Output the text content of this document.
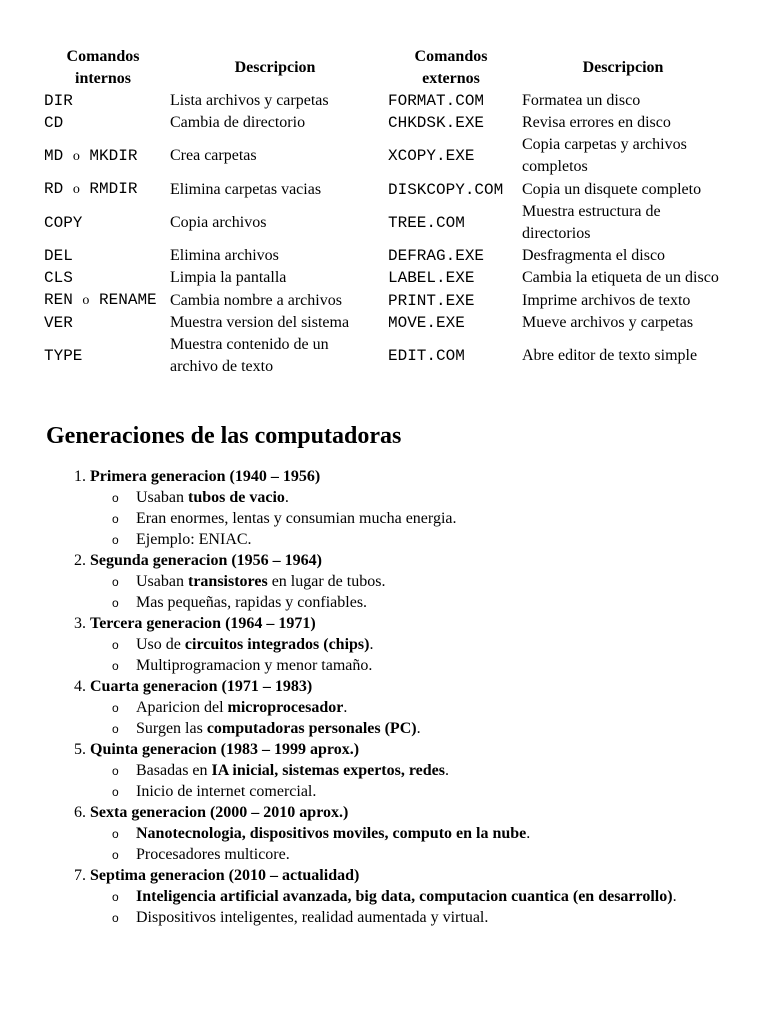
Comandos internos	Descripcion	Comandos externos	Descripcion
DIR	Lista archivos y carpetas	FORMAT.COM	Formatea un disco
CD	Cambia de directorio	CHKDSK.EXE	Revisa errores en disco
MD o MKDIR	Crea carpetas	XCOPY.EXE	Copia carpetas y archivos completos
RD o RMDIR	Elimina carpetas vacias	DISKCOPY.COM	Copia un disquete completo
COPY	Copia archivos	TREE.COM	Muestra estructura de directorios
DEL	Elimina archivos	DEFRAG.EXE	Desfragmenta el disco
CLS	Limpia la pantalla	LABEL.EXE	Cambia la etiqueta de un disco
REN o RENAME	Cambia nombre a archivos	PRINT.EXE	Imprime archivos de texto
VER	Muestra version del sistema	MOVE.EXE	Mueve archivos y carpetas
TYPE	Muestra contenido de un archivo de texto	EDIT.COM	Abre editor de texto simple
Generaciones de las computadoras
1. Primera generacion (1940 – 1956)
o Usaban tubos de vacio.
o Eran enormes, lentas y consumian mucha energia.
o Ejemplo: ENIAC.
2. Segunda generacion (1956 – 1964)
o Usaban transistores en lugar de tubos.
o Mas pequeñas, rapidas y confiables.
3. Tercera generacion (1964 – 1971)
o Uso de circuitos integrados (chips).
o Multiprogramacion y menor tamaño.
4. Cuarta generacion (1971 – 1983)
o Aparicion del microprocesador.
o Surgen las computadoras personales (PC).
5. Quinta generacion (1983 – 1999 aprox.)
o Basadas en IA inicial, sistemas expertos, redes.
o Inicio de internet comercial.
6. Sexta generacion (2000 – 2010 aprox.)
o Nanotecnologia, dispositivos moviles, computo en la nube.
o Procesadores multicore.
7. Septima generacion (2010 – actualidad)
o Inteligencia artificial avanzada, big data, computacion cuantica (en desarrollo).
o Dispositivos inteligentes, realidad aumentada y virtual.
